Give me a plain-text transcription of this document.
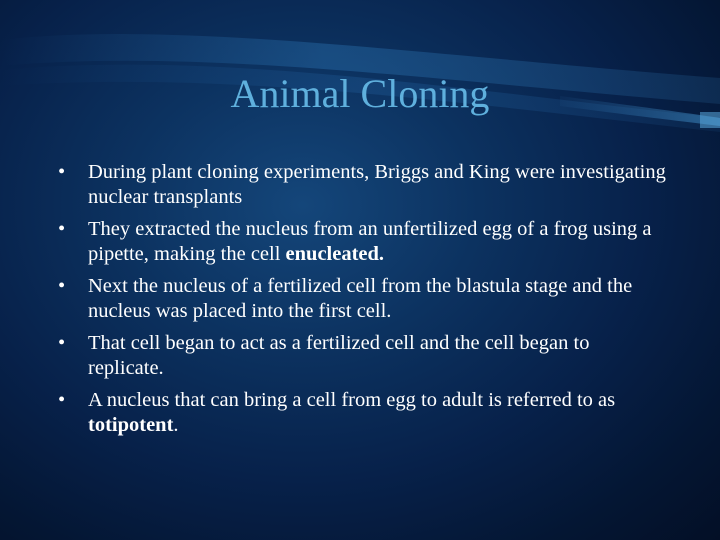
Animal Cloning
•	During plant cloning experiments, Briggs and King were investigating nuclear transplants
•	They extracted the nucleus from an unfertilized egg of a frog using a pipette, making the cell enucleated.
•	Next the nucleus of a fertilized cell from the blastula stage and the nucleus was placed into the first cell.
•	That cell began to act as a fertilized cell and the cell began to replicate.
•	A nucleus that can bring a cell from egg to adult is referred to as totipotent.
